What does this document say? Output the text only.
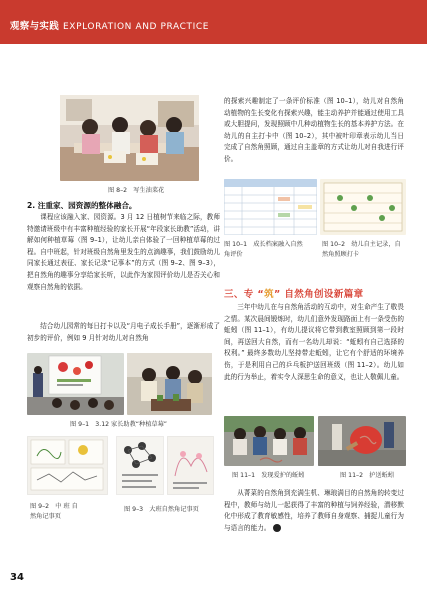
观察与实践 EXPLORATION AND PRACTICE
图 8–2　写生油菜花
2. 注重家、园资源的整体融合。

课程应该融入家、园资源。3 月 12 日植树节来临之际，教师特邀请班级中有丰富种植经验的家长开展“年段家长助教”活动，讲解如何种植草莓（图 9–1），让幼儿亲自体验了一回种植草莓的过程。自中班起，针对班级自然角里发生的点滴趣事，我们鼓励幼儿同家长通过表征、家长记录“记事本”的方式（图 9–2、图 9–3），把自然角的趣事分享给家长听，以此作为家园评价幼儿是否关心和观察自然角的依据。

结合幼儿园常的每日打卡以及“月电子成长手册”，逐渐形成了初步的评价，例如 9 月针对幼儿对自然角

图 9–1　3.12 家长助教“种植草莓”
图 9–2　中 班 自
然角记事页
图 9–3　大班自然角记事页
34

的探索兴趣制定了一条评价标准（图 10–1），幼儿对自然角动植物的生长变化有探索兴趣，能主动养护并能通过使用工具或大胆提问，发现照顾中几种动植物生长的基本养护方法。在幼儿的自主打卡中（图 10–2），其中被叶印章表示幼儿当日完成了自然角照顾，通过自主盖章的方式让幼儿对自我进行评价。

图 10–1　成长档案融入自然
角评价
图 10–2　幼儿自主记录，自
然角照顾打卡
三、专 “筑” 自然角创设新篇章

三年中幼儿在与自然角活动的互动中，对生命产生了敬畏之情。某次晨间锻炼时，幼儿们意外发现路面上有一条受伤的蚯蚓（图 11–1），有幼儿提议将它带到教室照顾到第一段时间，再送回大自然，而有一名幼儿却说：“蚯蚓有自己选择的权利。” 最终多数幼儿坚持带走蚯蚓，让它有个舒适的环境养伤，于是利用自己的乒乓板护送回班级（图 11–2）。幼儿如此的行为举止，着实令人深思生命的意义，也让人敬佩儿童。

图 11–1　发现爱护的蚯蚓	图 11–2　护送蚯蚓

从菁菜的自然角到充满生机、琳琅满目的自然角的转变过程中，教师与幼儿一起获得了丰富的种植与饲养经验，潜移默化中形成了教育敏感性，培养了教师自身观察、捕捉儿童行为与语言的能力。	Y
